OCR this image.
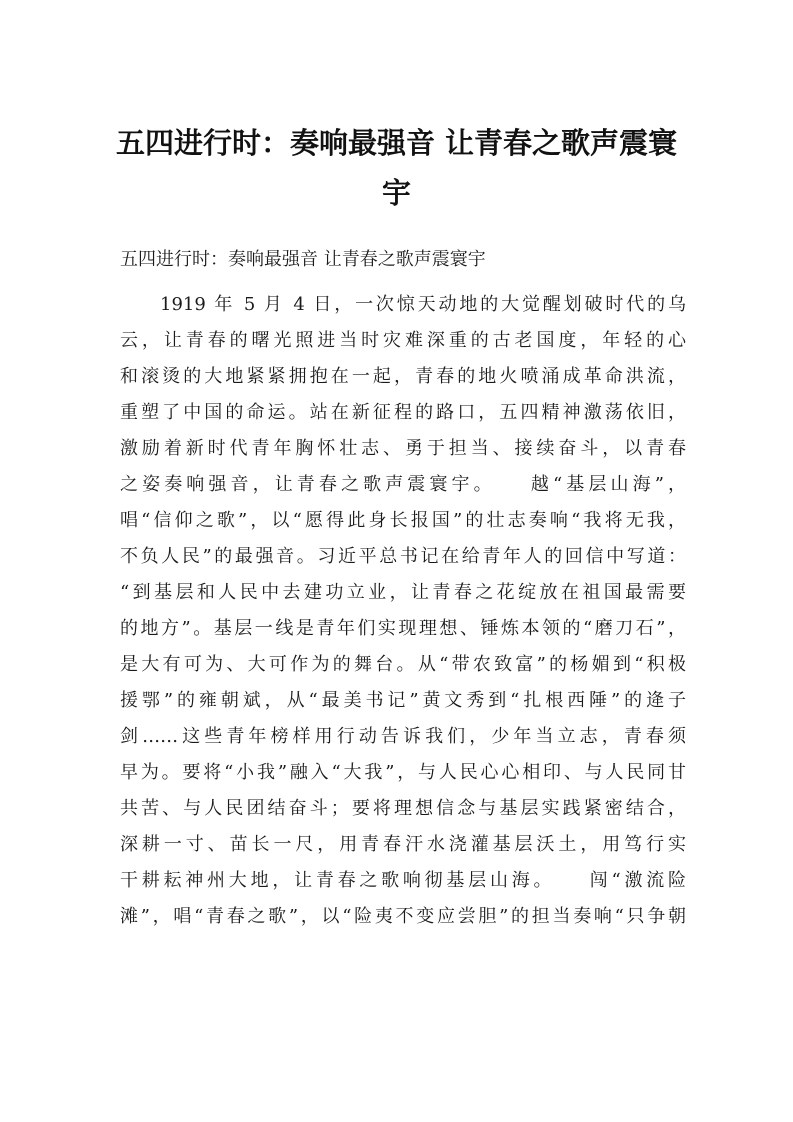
五四进行时：奏响最强音 让青春之歌声震寰宇

五四进行时：奏响最强音 让青春之歌声震寰宇

1919 年 5 月 4 日，一次惊天动地的大觉醒划破时代的乌
云，让青春的曙光照进当时灾难深重的古老国度，年轻的心
和滚烫的大地紧紧拥抱在一起，青春的地火喷涌成革命洪流，
重塑了中国的命运。站在新征程的路口，五四精神激荡依旧，
激励着新时代青年胸怀壮志、勇于担当、接续奋斗，以青春
之姿奏响强音，让青春之歌声震寰宇。　　越“基层山海”，
唱“信仰之歌”，以“愿得此身长报国”的壮志奏响“我将无我，
不负人民”的最强音。习近平总书记在给青年人的回信中写道：
“到基层和人民中去建功立业，让青春之花绽放在祖国最需要
的地方”。基层一线是青年们实现理想、锤炼本领的“磨刀石”，
是大有可为、大可作为的舞台。从“带农致富”的杨媚到“积极
援鄂”的雍朝斌，从“最美书记”黄文秀到“扎根西陲”的逄子
剑……这些青年榜样用行动告诉我们，少年当立志，青春须
早为。要将“小我”融入“大我”，与人民心心相印、与人民同甘
共苦、与人民团结奋斗；要将理想信念与基层实践紧密结合，
深耕一寸、苗长一尺，用青春汗水浇灌基层沃土，用笃行实
干耕耘神州大地，让青春之歌响彻基层山海。　　闯“激流险
滩”，唱“青春之歌”，以“险夷不变应尝胆”的担当奏响“只争朝
